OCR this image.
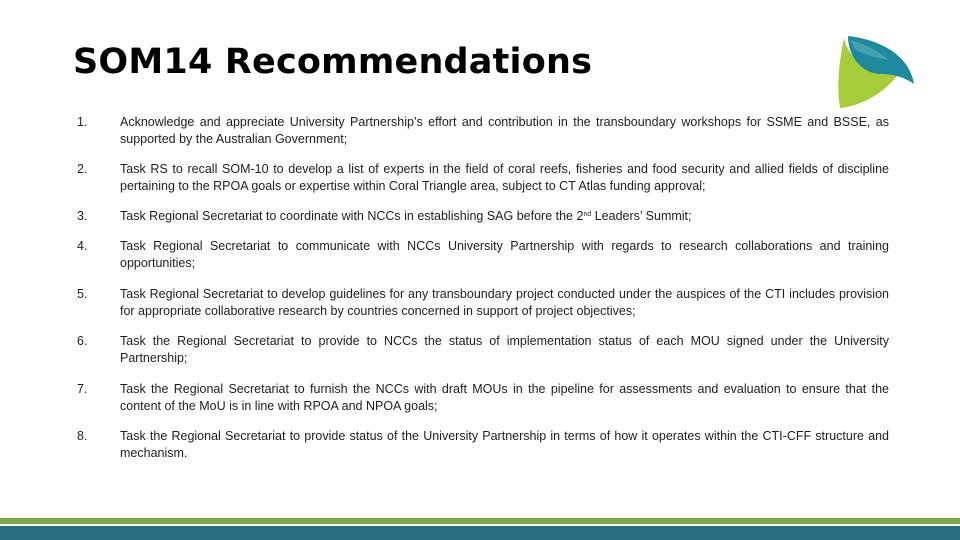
SOM14 Recommendations
1.	Acknowledge and appreciate University Partnership’s effort and contribution in the transboundary workshops for SSME and BSSE, as supported by the Australian Government;
2.	Task RS to recall SOM-10 to develop a list of experts in the field of coral reefs, fisheries and food security and allied fields of discipline pertaining to the RPOA goals or expertise within Coral Triangle area, subject to CT Atlas funding approval;
3.	Task Regional Secretariat to coordinate with NCCs in establishing SAG before the 2nd Leaders’ Summit;
4.	Task Regional Secretariat to communicate with NCCs University Partnership with regards to research collaborations and training opportunities;
5.	Task Regional Secretariat to develop guidelines for any transboundary project conducted under the auspices of the CTI includes provision for appropriate collaborative research by countries concerned in support of project objectives;
6.	Task the Regional Secretariat to provide to NCCs the status of implementation status of each MOU signed under the University Partnership;
7.	Task the Regional Secretariat to furnish the NCCs with draft MOUs in the pipeline for assessments and evaluation to ensure that the content of the MoU is in line with RPOA and NPOA goals;
8.	Task the Regional Secretariat to provide status of the University Partnership in terms of how it operates within the CTI-CFF structure and mechanism.
